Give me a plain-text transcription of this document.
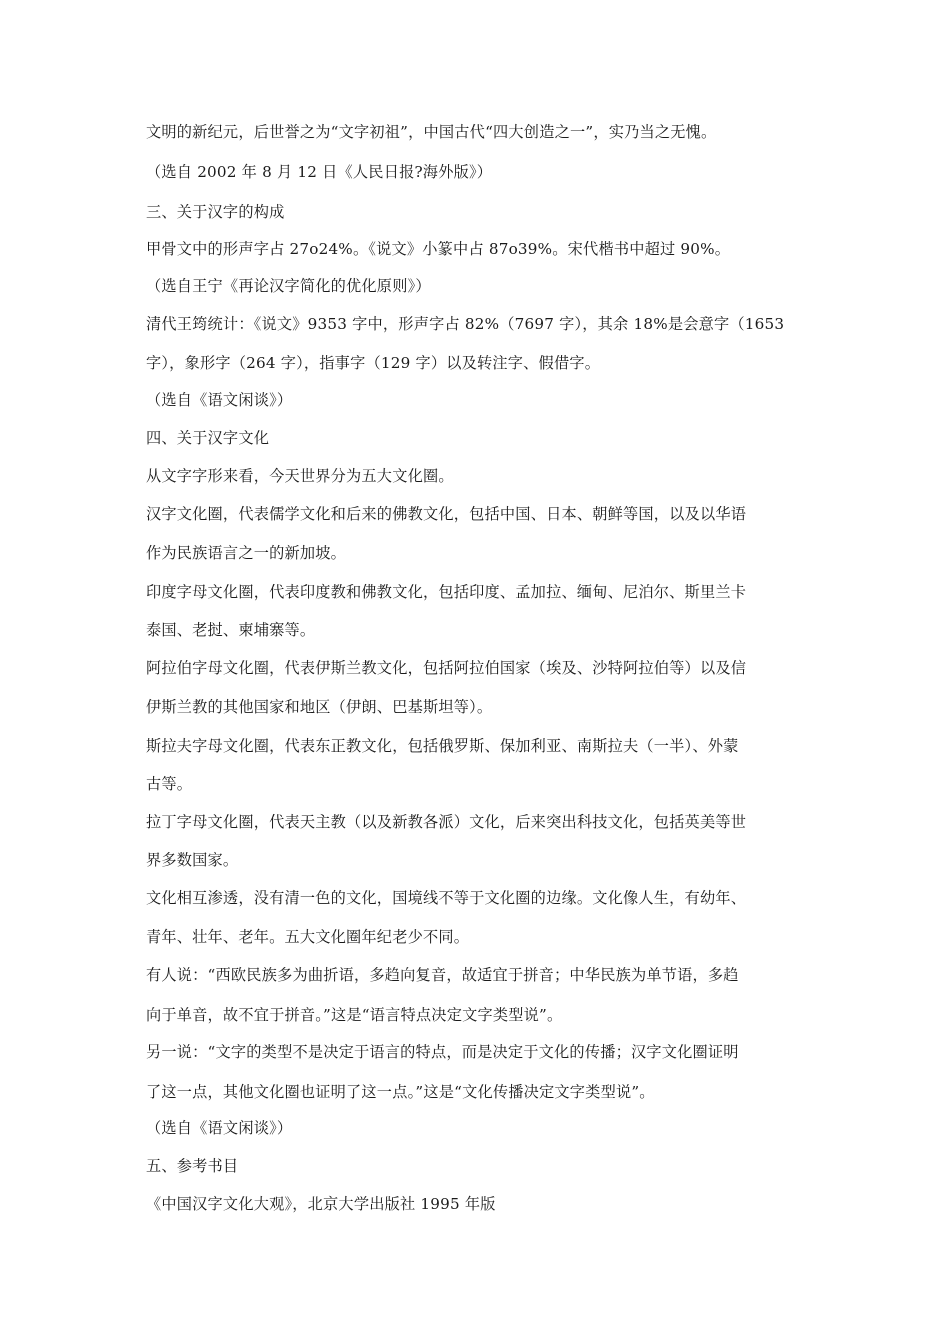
文明的新纪元，后世誉之为“文字初祖”，中国古代“四大创造之一”，实乃当之无愧。
（选自 2002 年 8 月 12 日《人民日报?海外版》）
三、关于汉字的构成
甲骨文中的形声字占 27o24%。《说文》小篆中占 87o39%。宋代楷书中超过 90%。
（选自王宁《再论汉字简化的优化原则》）
清代王筠统计：《说文》9353 字中，形声字占 82%（7697 字），其余 18%是会意字（1653
字），象形字（264 字），指事字（129 字）以及转注字、假借字。
（选自《语文闲谈》）
四、关于汉字文化
从文字字形来看，今天世界分为五大文化圈。
汉字文化圈，代表儒学文化和后来的佛教文化，包括中国、日本、朝鲜等国，以及以华语
作为民族语言之一的新加坡。
印度字母文化圈，代表印度教和佛教文化，包括印度、孟加拉、缅甸、尼泊尔、斯里兰卡
泰国、老挝、柬埔寨等。
阿拉伯字母文化圈，代表伊斯兰教文化，包括阿拉伯国家（埃及、沙特阿拉伯等）以及信
伊斯兰教的其他国家和地区（伊朗、巴基斯坦等）。
斯拉夫字母文化圈，代表东正教文化，包括俄罗斯、保加利亚、南斯拉夫（一半）、外蒙
古等。
拉丁字母文化圈，代表天主教（以及新教各派）文化，后来突出科技文化，包括英美等世
界多数国家。
文化相互渗透，没有清一色的文化，国境线不等于文化圈的边缘。文化像人生，有幼年、
青年、壮年、老年。五大文化圈年纪老少不同。
有人说：“西欧民族多为曲折语，多趋向复音，故适宜于拼音；中华民族为单节语，多趋
向于单音，故不宜于拼音。”这是“语言特点决定文字类型说”。
另一说：“文字的类型不是决定于语言的特点，而是决定于文化的传播；汉字文化圈证明
了这一点，其他文化圈也证明了这一点。”这是“文化传播决定文字类型说”。
（选自《语文闲谈》）
五、参考书目
《中国汉字文化大观》，北京大学出版社 1995 年版
